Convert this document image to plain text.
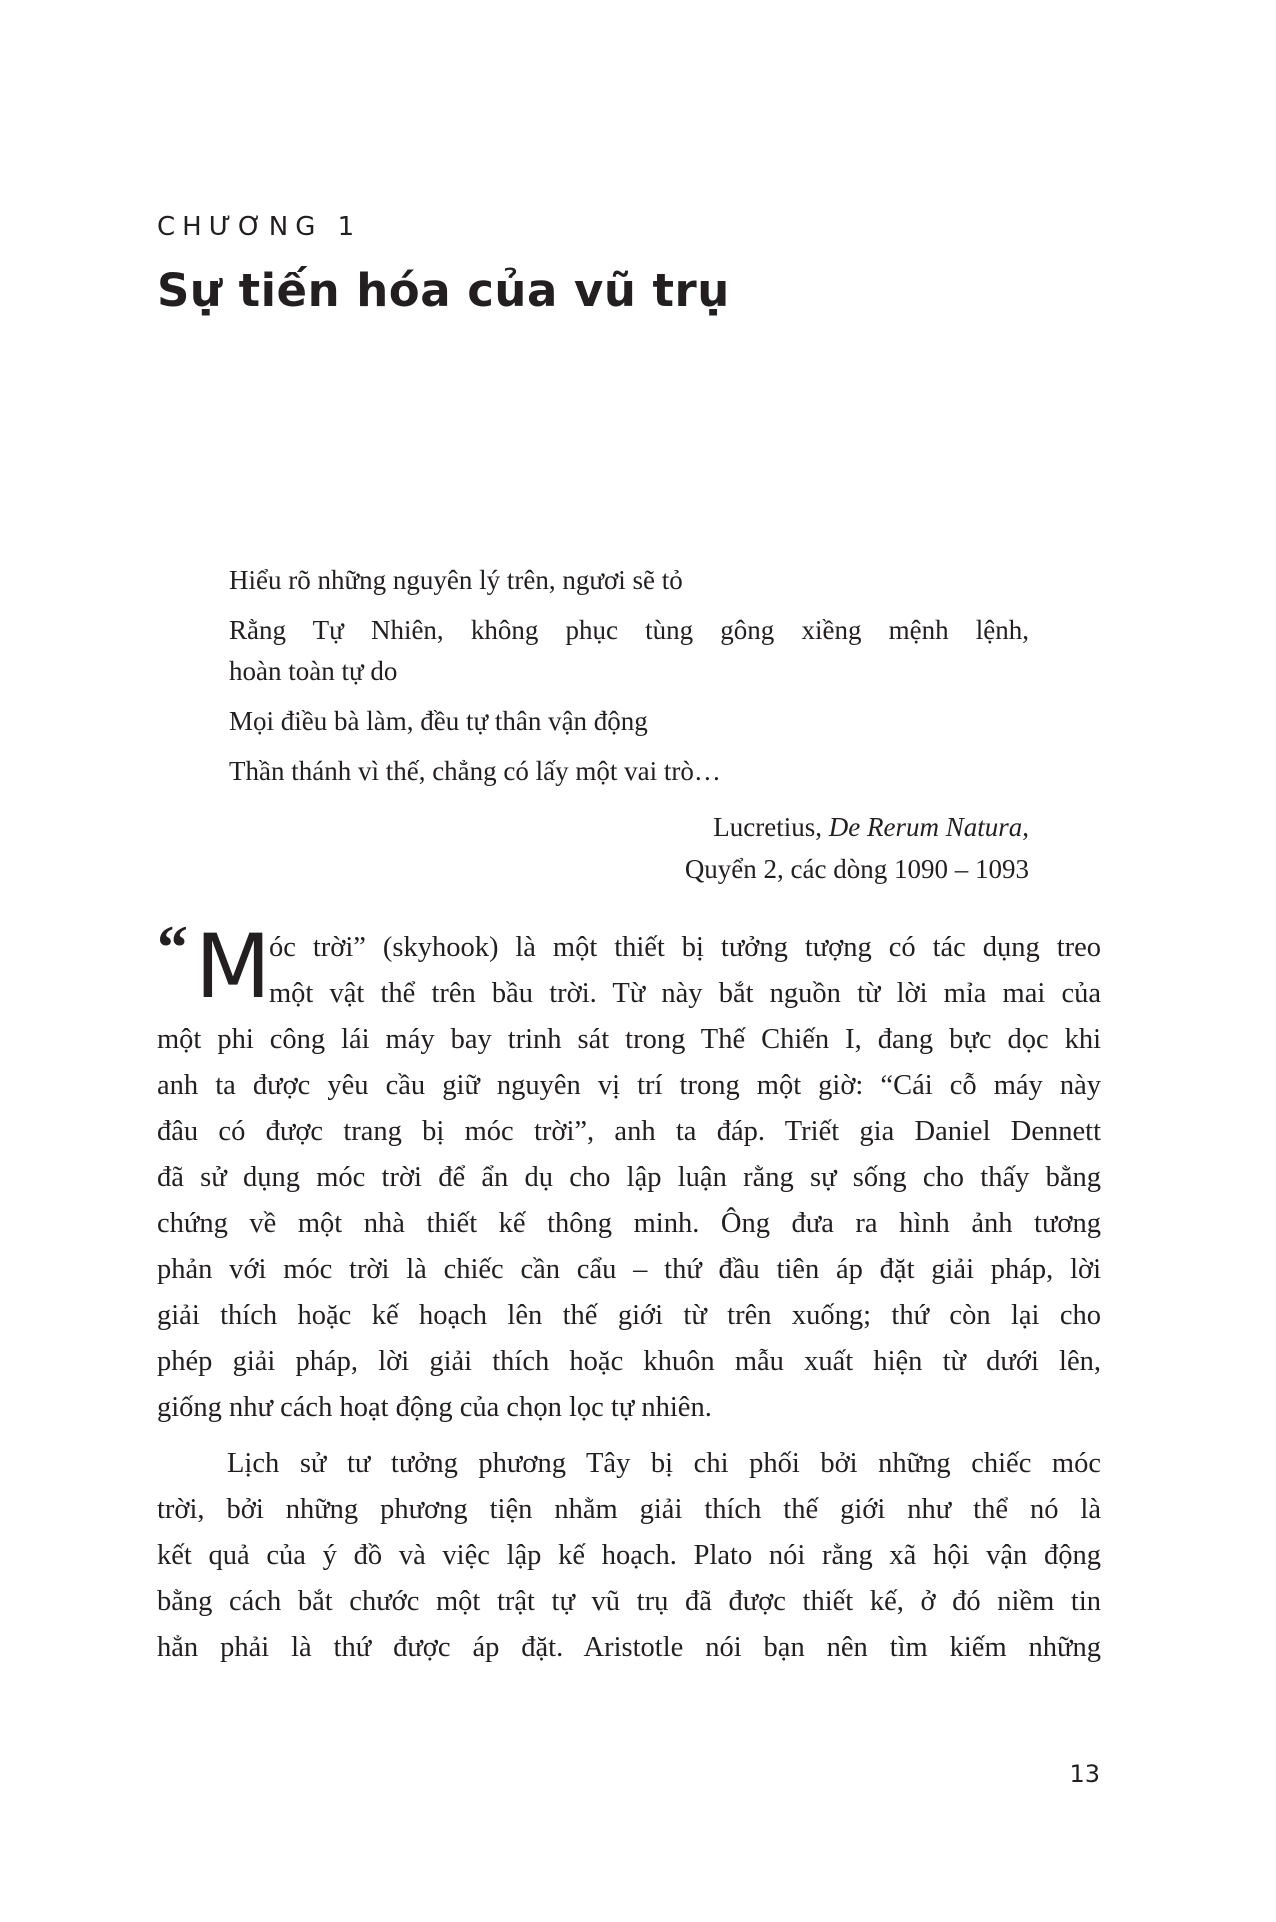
CHƯƠNG 1
Sự tiến hóa của vũ trụ
Hiểu rõ những nguyên lý trên, ngươi sẽ tỏ
Rằng Tự Nhiên, không phục tùng gông xiềng mệnh lệnh,
hoàn toàn tự do
Mọi điều bà làm, đều tự thân vận động
Thần thánh vì thế, chẳng có lấy một vai trò…
Lucretius, De Rerum Natura,
Quyển 2, các dòng 1090 – 1093
“ M
óc trời” (skyhook) là một thiết bị tưởng tượng có tác dụng treo
một vật thể trên bầu trời. Từ này bắt nguồn từ lời mỉa mai của
một phi công lái máy bay trinh sát trong Thế Chiến I, đang bực dọc khi
anh ta được yêu cầu giữ nguyên vị trí trong một giờ: “Cái cỗ máy này
đâu có được trang bị móc trời”, anh ta đáp. Triết gia Daniel Dennett
đã sử dụng móc trời để ẩn dụ cho lập luận rằng sự sống cho thấy bằng
chứng về một nhà thiết kế thông minh. Ông đưa ra hình ảnh tương
phản với móc trời là chiếc cần cẩu – thứ đầu tiên áp đặt giải pháp, lời
giải thích hoặc kế hoạch lên thế giới từ trên xuống; thứ còn lại cho
phép giải pháp, lời giải thích hoặc khuôn mẫu xuất hiện từ dưới lên,
giống như cách hoạt động của chọn lọc tự nhiên.
Lịch sử tư tưởng phương Tây bị chi phối bởi những chiếc móc
trời, bởi những phương tiện nhằm giải thích thế giới như thể nó là
kết quả của ý đồ và việc lập kế hoạch. Plato nói rằng xã hội vận động
bằng cách bắt chước một trật tự vũ trụ đã được thiết kế, ở đó niềm tin
hẳn phải là thứ được áp đặt. Aristotle nói bạn nên tìm kiếm những
13
